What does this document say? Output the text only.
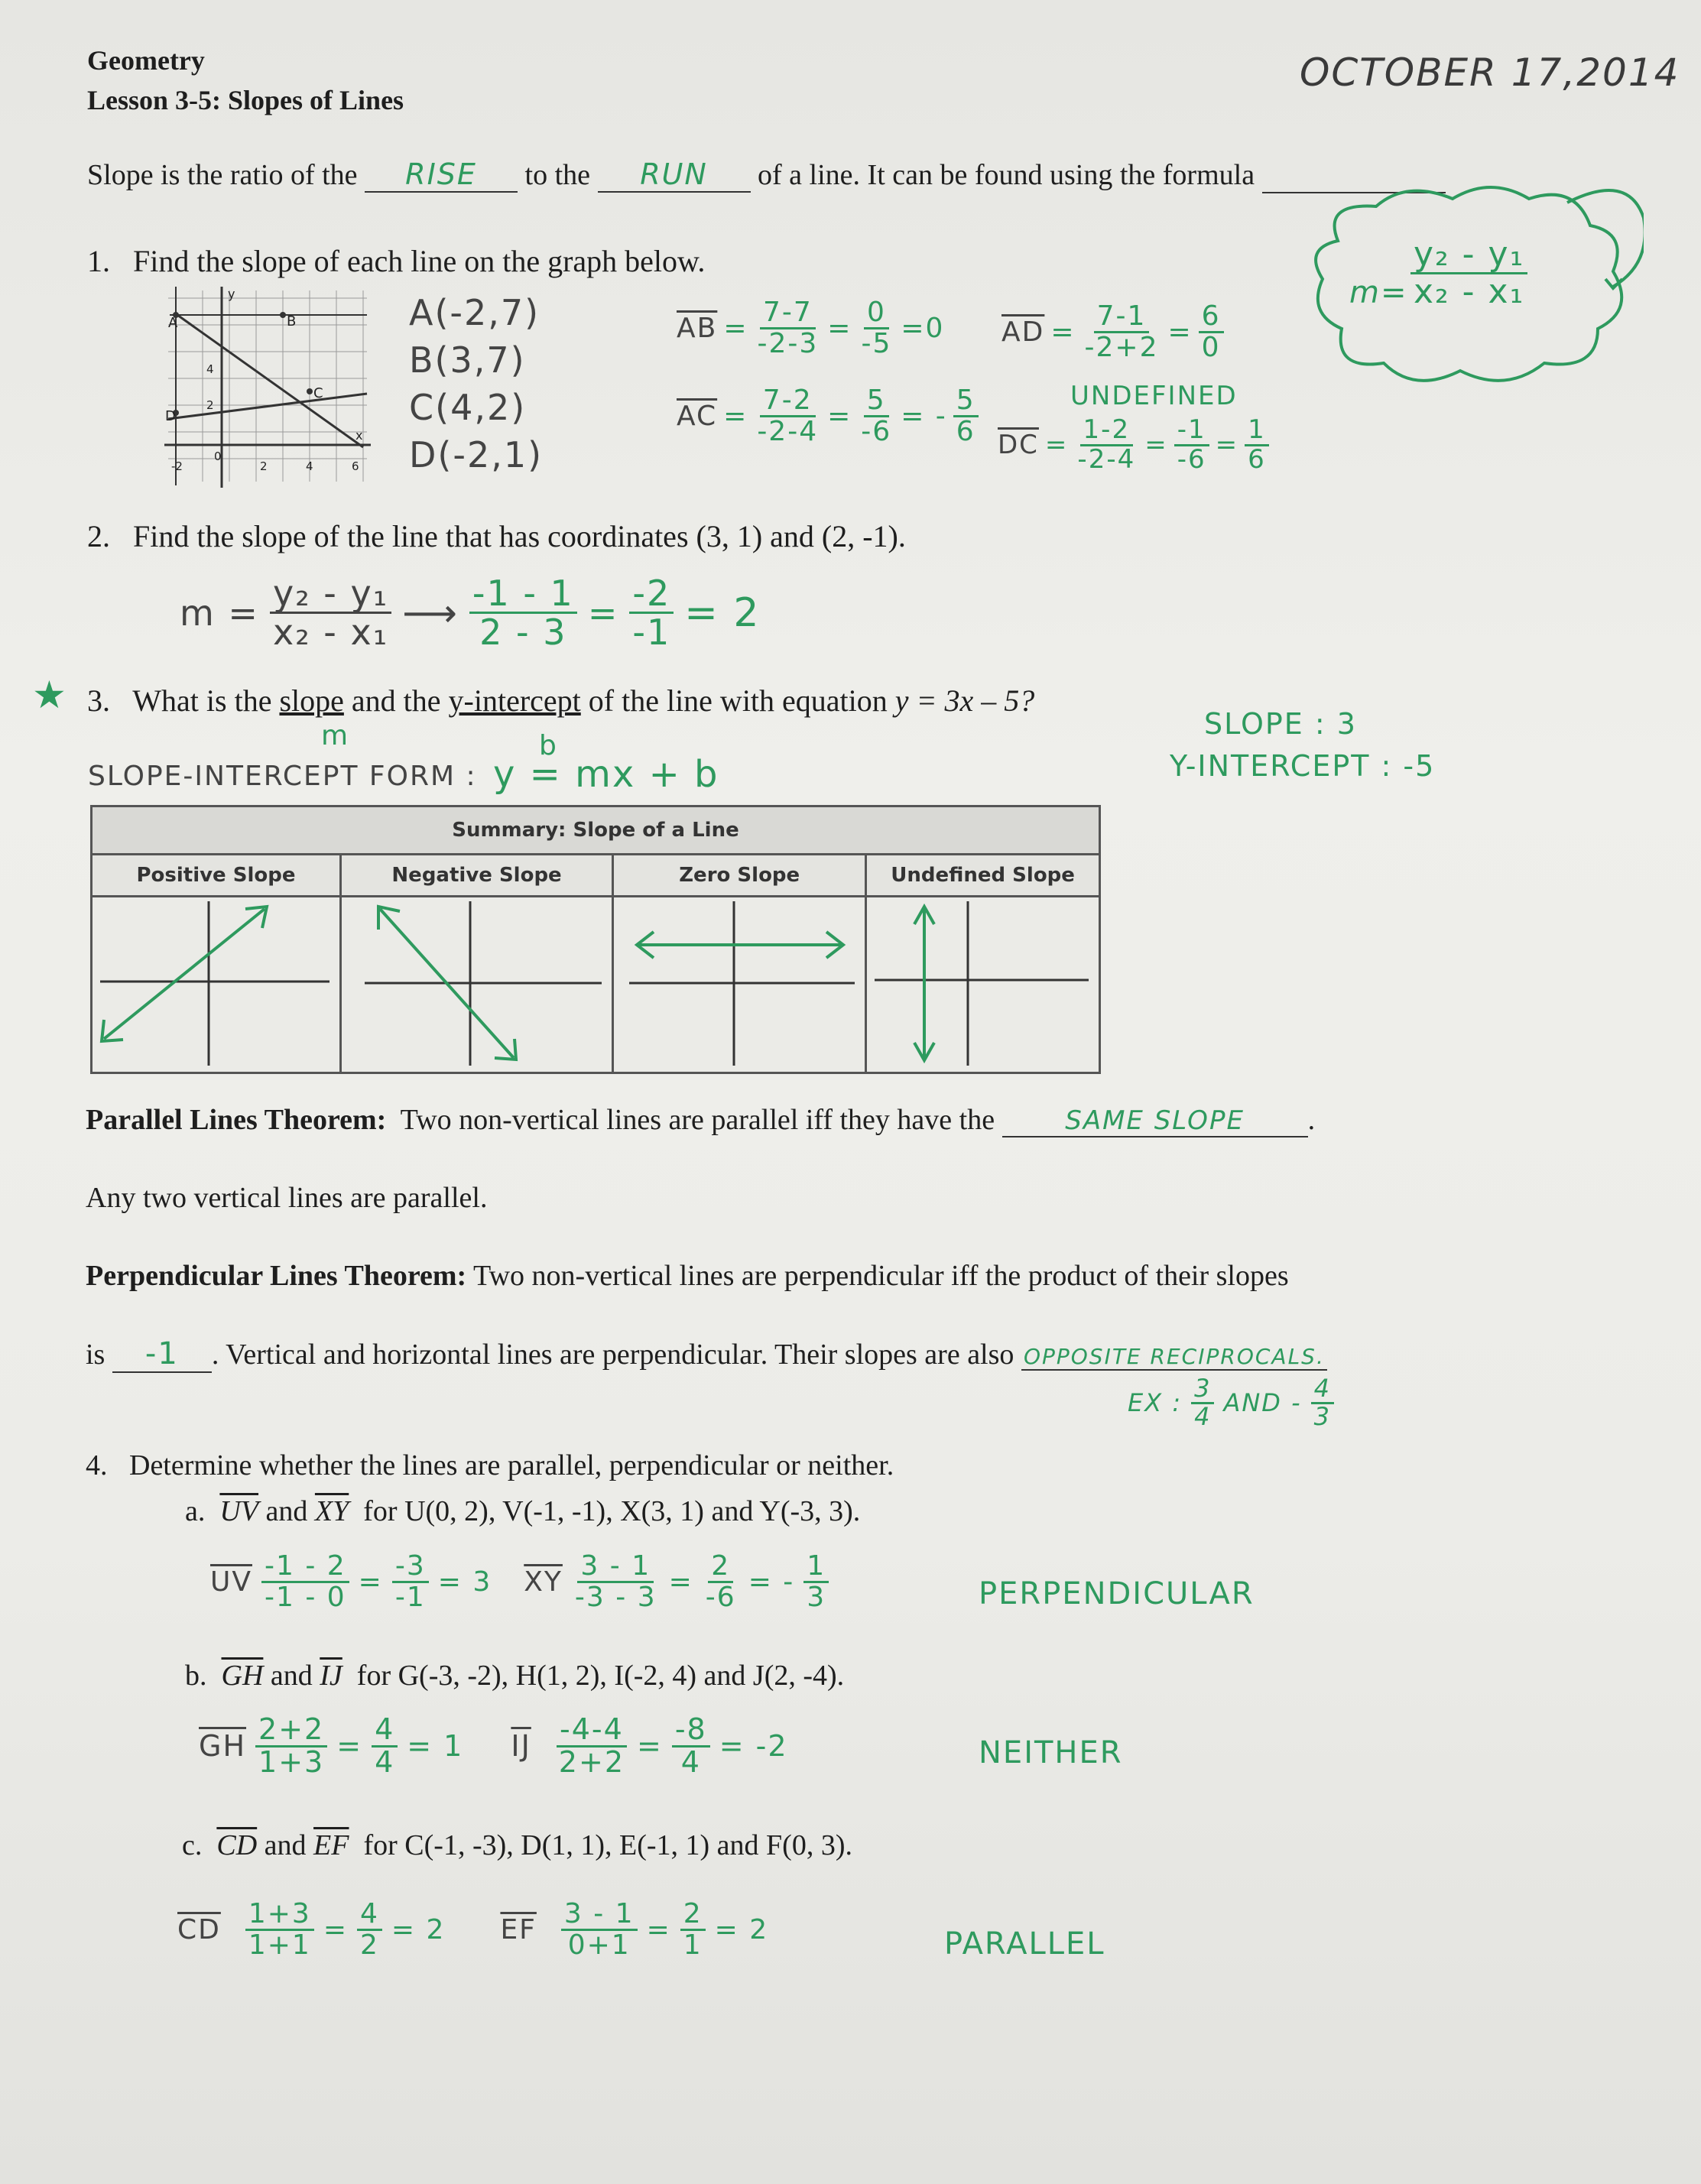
Geometry
Lesson 3-5: Slopes of Lines
OCTOBER 17,2014
Slope is the ratio of the RISE to the RUN of a line. It can be found using the formula
$m= \frac{\text{y₂ - y₁}}{\text{x₂ - x₁}}$
1. Find the slope of each line on the graph below.
A	B
C
D
y
x
4
2
-2
0
2	4	6
A(-2,7)
B(3,7)
C(4,2)
D(-2,1)
$\overline{AB} = \frac{7-7}{-2-3} = \frac{0}{-5} =0$ $\overline{AD} = \frac{7-1}{-2+2} = \frac{6}{0}$
$\overline{AC} = \frac{7-2}{-2-4} = \frac{5}{-6}$ = - $\frac{5}{6}$	UNDEFINED
$\overline{DC} = \frac{1-2}{-2-4} = \frac{-1}{-6} = \frac{1}{6}$
2. Find the slope of the line that has coordinates (3, 1) and (2, -1).
$m = \frac{\text{y₂ - y₁}}{\text{x₂ - x₁}}$ ⟶ $\frac{-1 - 1}{2 - 3} = \frac{-2}{-1} = 2$
★ 3. What is the slope and the y-intercept of the line with equation y = 3x – 5?
m	b
SLOPE-INTERCEPT FORM : y = mx + b
SLOPE : 3
Y-INTERCEPT : -5
Summary: Slope of a Line			
Positive Slope	Negative Slope	Zero Slope	Undefined Slope

Parallel Lines Theorem: Two non-vertical lines are parallel iff they have the	SAME SLOPE .
Any two vertical lines are parallel.
Perpendicular Lines Theorem: Two non-vertical lines are perpendicular iff the product of their slopes
is -1 . Vertical and horizontal lines are perpendicular. Their slopes are also OPPOSITE RECIPROCALS.
EX : $\frac{3}{4}$ AND - $\frac{4}{3}$
4. Determine whether the lines are parallel, perpendicular or neither.
a. $\overline{UV}$ and $\overline{XY}$ for U(0, 2), V(-1, -1), X(3, 1) and Y(-3, 3).
$\overline{UV} \frac{-1 - 2}{-1 - 0} = \frac{-3}{-1} = 3$ $\overline{XY} \frac{3 - 1}{-3 - 3} = \frac{2}{-6}$ = - $\frac{1}{3}$	PERPENDICULAR
b. $\overline{GH}$ and $\overline{IJ}$ for G(-3, -2), H(1, 2), I(-2, 4) and J(2, -4).
$\overline{GH} \frac{2+2}{1+3} = \frac{4}{4} = 1$ $\overline{IJ} \frac{-4-4}{2+2} = \frac{-8}{4} = -2$	NEITHER
c. $\overline{CD}$ and $\overline{EF}$ for C(-1, -3), D(1, 1), E(-1, 1) and F(0, 3).
$\overline{CD} \frac{1+3}{1+1} = \frac{4}{2} = 2$ $\overline{EF} \frac{3 - 1}{0+1} = \frac{2}{1} = 2$	PARALLEL
